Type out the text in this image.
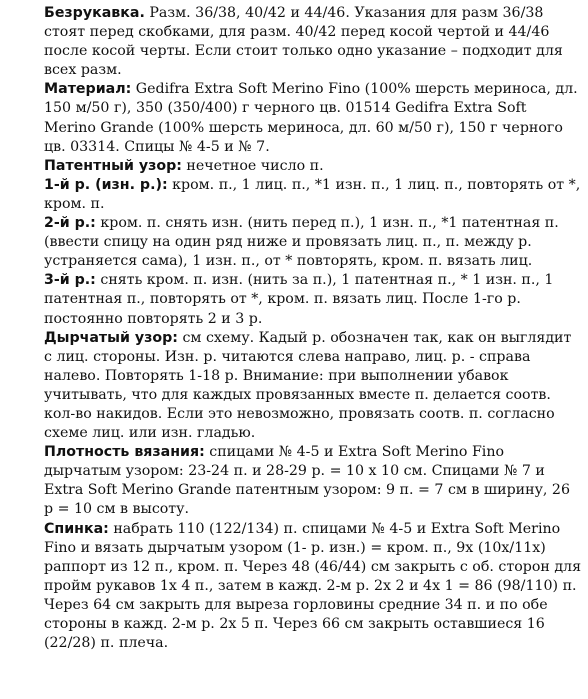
Безрукавка. Разм. 36/38, 40/42 и 44/46. Указания для разм 36/38 стоят перед скобками, для разм. 40/42 перед косой чертой и 44/46 после косой черты. Если стоит только одно указание – подходит для всех разм.

Материал: Gedifra Extra Soft Merino Fino (100% шерсть мериноса, дл. 150 м/50 г), 350 (350/400) г черного цв. 01514 Gedifra Extra Soft Merino Grande (100% шерсть мериноса, дл. 60 м/50 г), 150 г черного цв. 03314. Спицы № 4-5 и № 7.

Патентный узор: нечетное число п.

1-й р. (изн. р.): кром. п., 1 лиц. п., *1 изн. п., 1 лиц. п., повторять от *, кром. п.

2-й р.: кром. п. снять изн. (нить перед п.), 1 изн. п., *1 патентная п. (ввести спицу на один ряд ниже и провязать лиц. п., п. между р. устраняется сама), 1 изн. п., от * повторять, кром. п. вязать лиц.

3-й р.: снять кром. п. изн. (нить за п.), 1 патентная п., * 1 изн. п., 1 патентная п., повторять от *, кром. п. вязать лиц. После 1-го р. постоянно повторять 2 и 3 р.

Дырчатый узор: см схему. Кадый р. обозначен так, как он выглядит с лиц. стороны. Изн. р. читаются слева направо, лиц. р. - справа налево. Повторять 1-18 р. Внимание: при выполнении убавок учитывать, что для каждых провязанных вместе п. делается соотв. кол-во накидов. Если это невозможно, провязать соотв. п. согласно схеме лиц. или изн. гладью.

Плотность вязания: спицами № 4-5 и Extra Soft Merino Fino дырчатым узором: 23-24 п. и 28-29 р. = 10 х 10 см. Спицами № 7 и Extra Soft Merino Grande патентным узором: 9 п. = 7 см в ширину, 26 р = 10 см в высоту.

Спинка: набрать 110 (122/134) п. спицами № 4-5 и Extra Soft Merino Fino и вязать дырчатым узором (1- р. изн.) = кром. п., 9х (10х/11х) раппорт из 12 п., кром. п. Через 48 (46/44) см закрыть с об. сторон для пройм рукавов 1х 4 п., затем в кажд. 2-м р. 2х 2 и 4х 1 = 86 (98/110) п. Через 64 см закрыть для выреза горловины средние 34 п. и по обе стороны в кажд. 2-м р. 2х 5 п. Через 66 см закрыть оставшиеся 16 (22/28) п. плеча.
